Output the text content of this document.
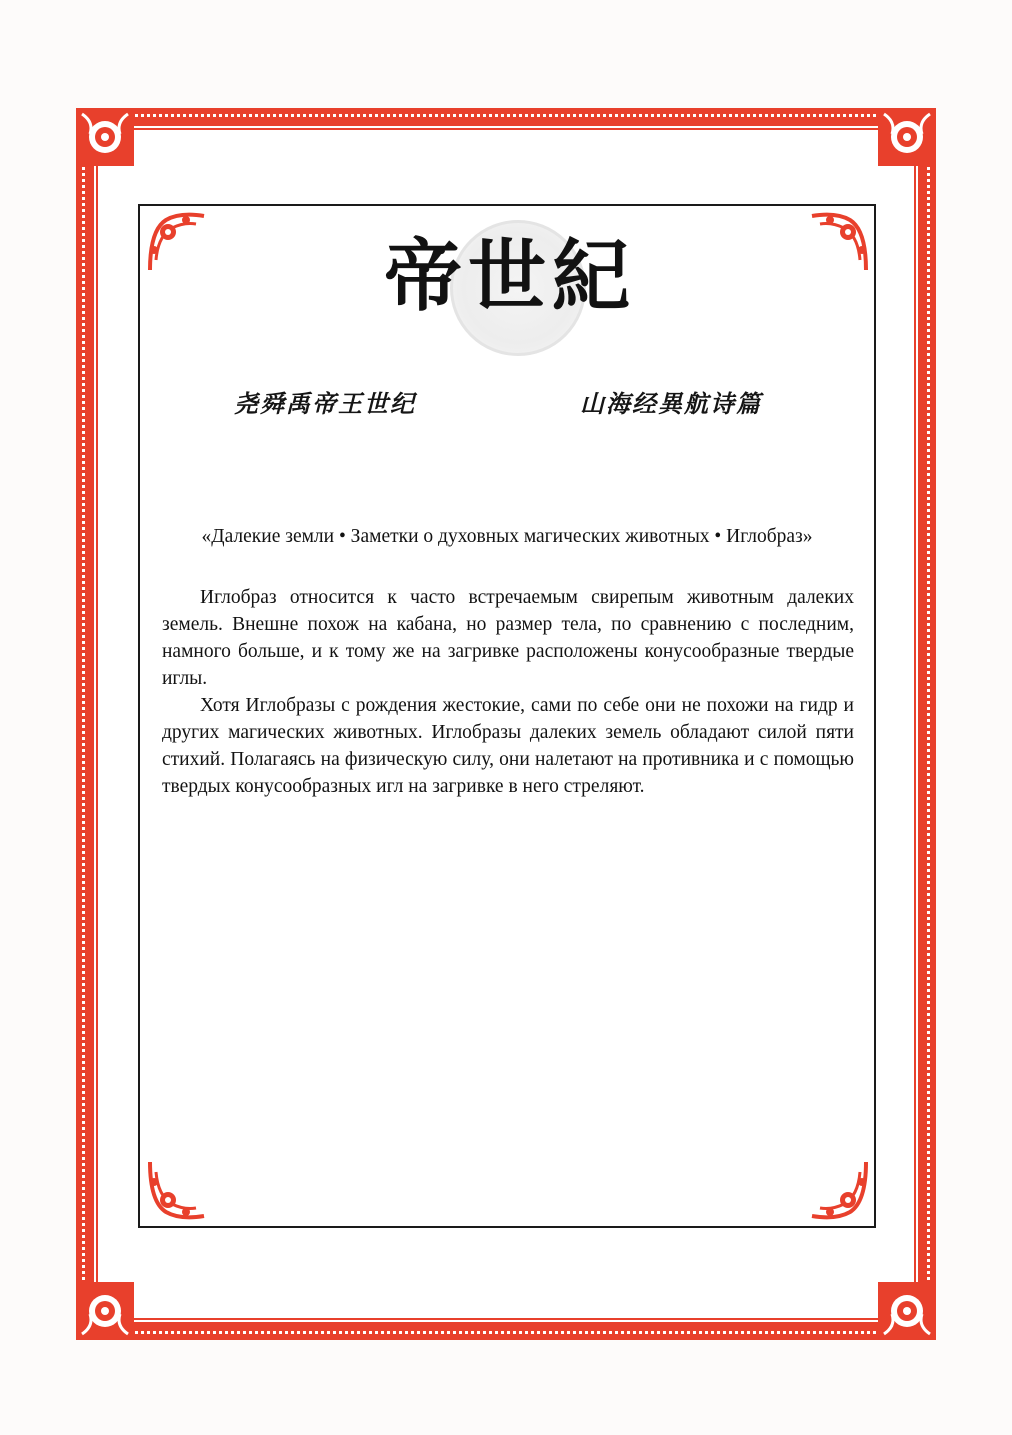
帝世紀
尧舜禹帝王世纪	山海经異航诗篇
«Далекие земли • Заметки о духовных магических животных • Иглобраз»

Иглобраз относится к часто встречаемым свирепым животным далеких земель. Внешне похож на кабана, но размер тела, по сравнению с последним, намного больше, и к тому же на загривке расположены конусообразные твердые иглы.

Хотя Иглобразы с рождения жестокие, сами по себе они не похожи на гидр и других магических животных. Иглобразы далеких земель обладают силой пяти стихий. Полагаясь на физическую силу, они налетают на противника и с помощью твердых конусообразных игл на загривке в него стреляют.
